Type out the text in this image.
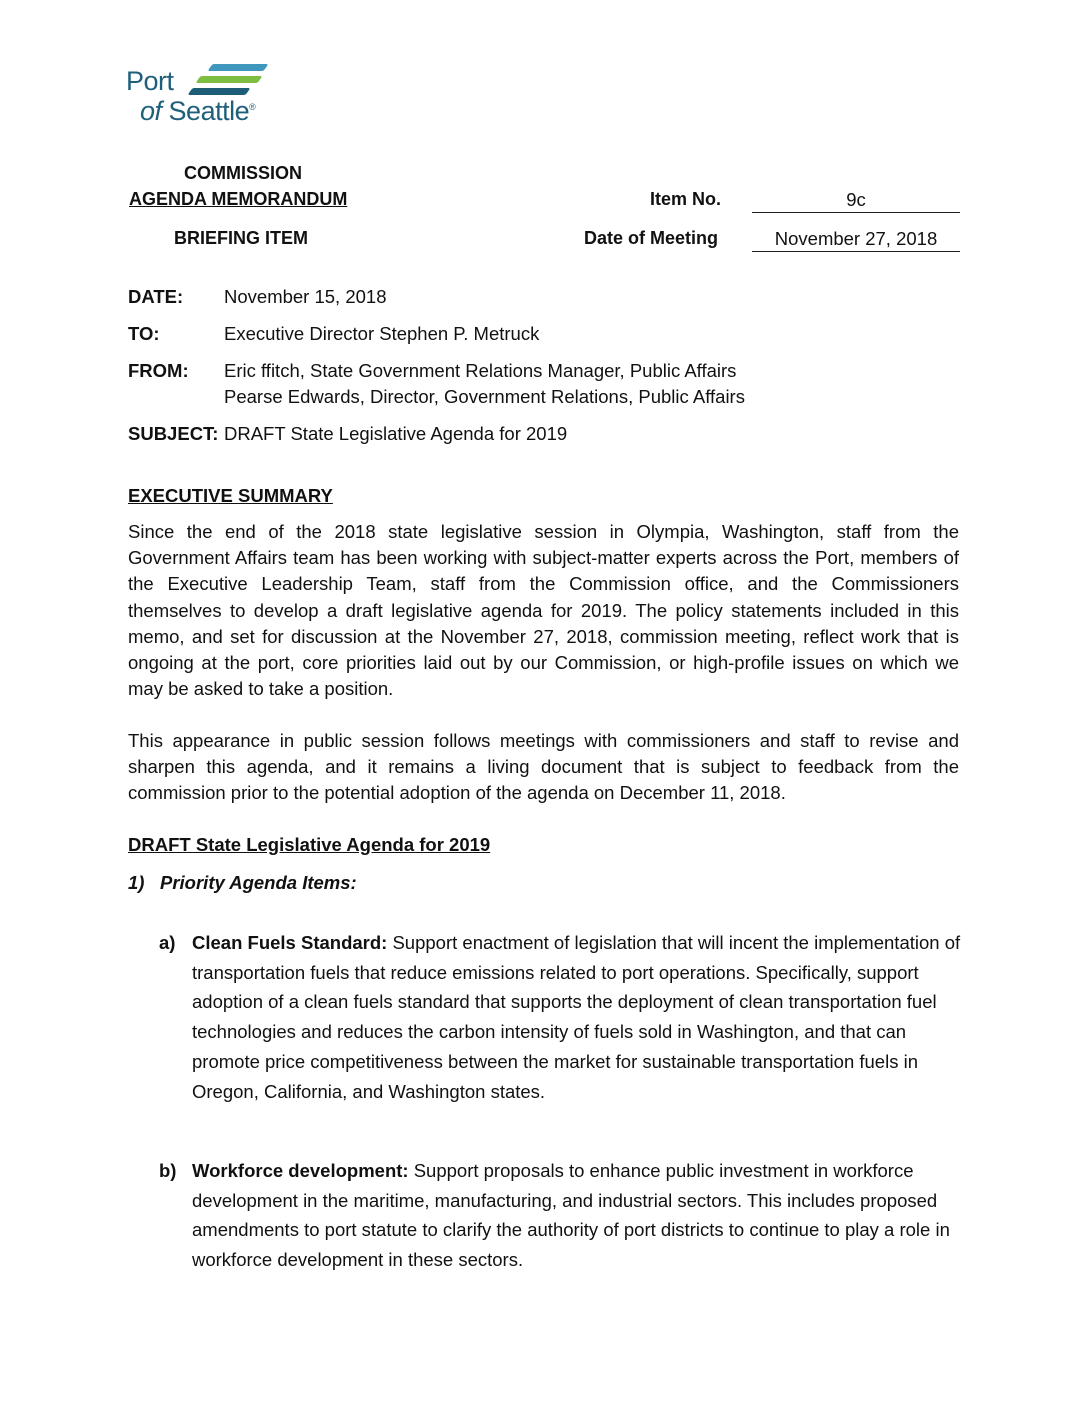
Port
of Seattle®
COMMISSION
AGENDA MEMORANDUM
BRIEFING ITEM
Item No.	9c
Date of Meeting	November 27, 2018
DATE: November 15, 2018
TO:	Executive Director Stephen P. Metruck
FROM: Eric ffitch, State Government Relations Manager, Public Affairs
Pearse Edwards, Director, Government Relations, Public Affairs
SUBJECT: DRAFT State Legislative Agenda for 2019
EXECUTIVE SUMMARY
Since the end of the 2018 state legislative session in Olympia, Washington, staff from the Government Affairs team has been working with subject-matter experts across the Port, members of the Executive Leadership Team, staff from the Commission office, and the Commissioners themselves to develop a draft legislative agenda for 2019. The policy statements included in this memo, and set for discussion at the November 27, 2018, commission meeting, reflect work that is ongoing at the port, core priorities laid out by our Commission, or high-profile issues on which we may be asked to take a position.
This appearance in public session follows meetings with commissioners and staff to revise and sharpen this agenda, and it remains a living document that is subject to feedback from the commission prior to the potential adoption of the agenda on December 11, 2018.
DRAFT State Legislative Agenda for 2019
1) Priority Agenda Items:
a) Clean Fuels Standard: Support enactment of legislation that will incent the implementation of transportation fuels that reduce emissions related to port operations. Specifically, support adoption of a clean fuels standard that supports the deployment of clean transportation fuel technologies and reduces the carbon intensity of fuels sold in Washington, and that can promote price competitiveness between the market for sustainable transportation fuels in Oregon, California, and Washington states.
b) Workforce development: Support proposals to enhance public investment in workforce development in the maritime, manufacturing, and industrial sectors. This includes proposed amendments to port statute to clarify the authority of port districts to continue to play a role in workforce development in these sectors.
